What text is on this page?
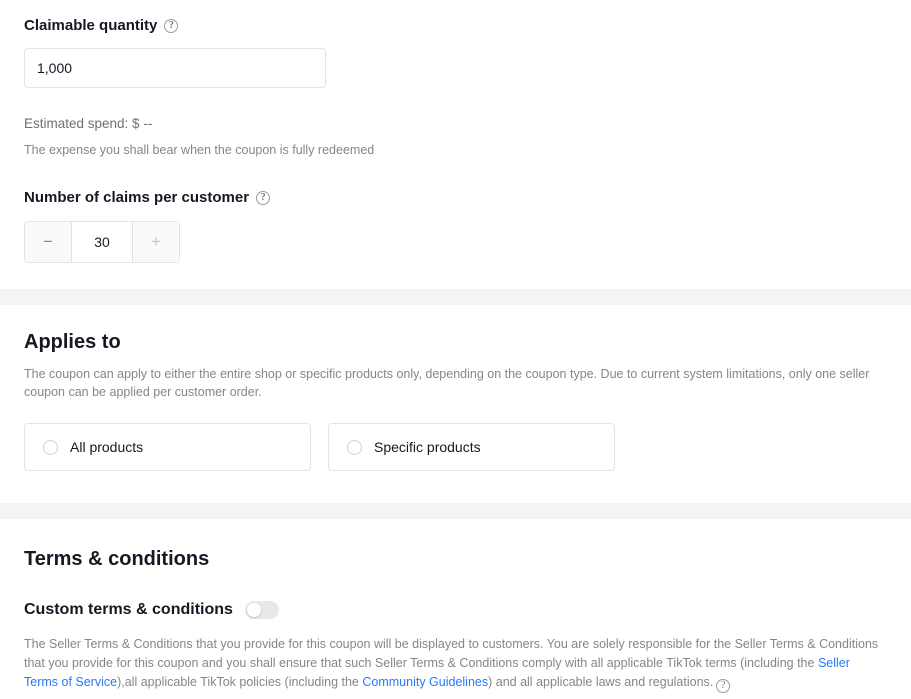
Claimable quantity	?
1,000
Estimated spend: $ --
The expense you shall bear when the coupon is fully redeemed
Number of claims per customer	?
−	30	+
Applies to
The coupon can apply to either the entire shop or specific products only, depending on the coupon type. Due to current system limitations, only one seller coupon can be applied per customer order.
All products	Specific products
Terms & conditions
Custom terms & conditions
The Seller Terms & Conditions that you provide for this coupon will be displayed to customers. You are solely responsible for the Seller Terms & Conditions that you provide for this coupon and you shall ensure that such Seller Terms & Conditions comply with all applicable TikTok terms (including the Seller Terms of Service),all applicable TikTok policies (including the Community Guidelines) and all applicable laws and regulations. ?
